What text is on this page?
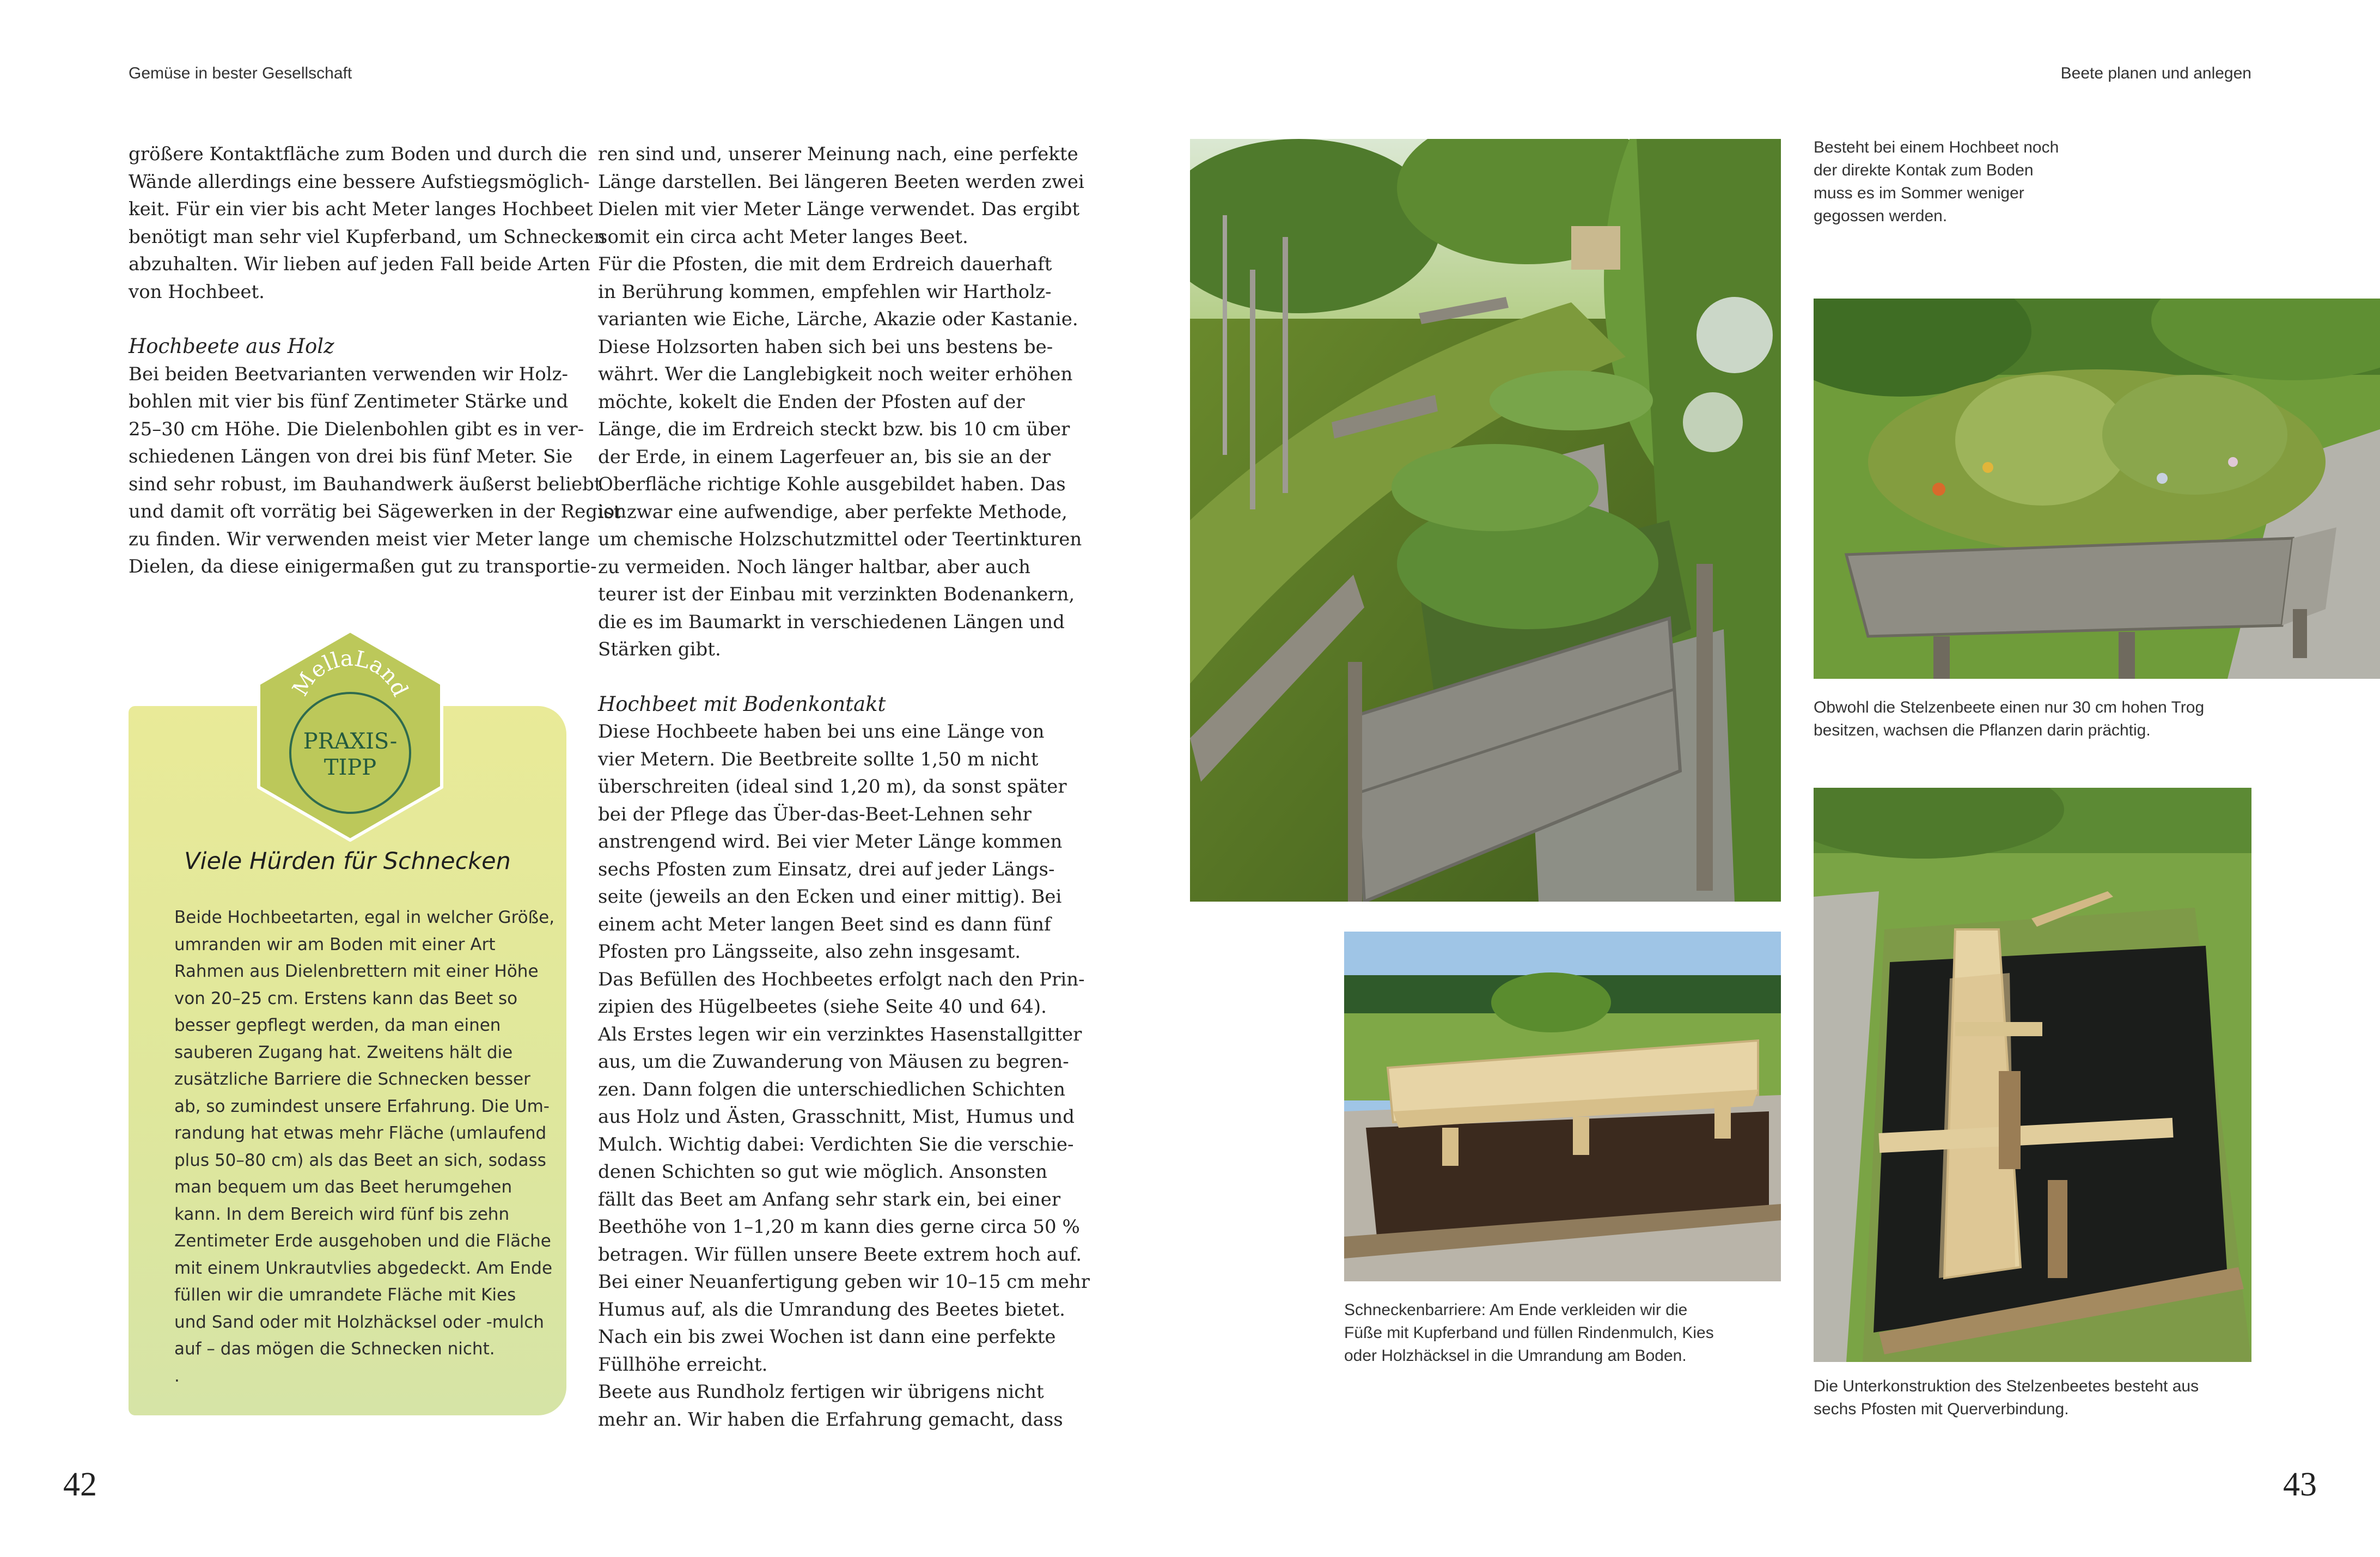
Gemüse in bester Gesellschaft	Beete planen und anlegen

größere Kontaktfläche zum Boden und durch die
Wände allerdings eine bessere Aufstiegsmöglich-
keit. Für ein vier bis acht Meter langes Hochbeet
benötigt man sehr viel Kupferband, um Schnecken
abzuhalten. Wir lieben auf jeden Fall beide Arten
von Hochbeet.

Hochbeete aus Holz

Bei beiden Beetvarianten verwenden wir Holz-
bohlen mit vier bis fünf Zentimeter Stärke und
25–30 cm Höhe. Die Dielenbohlen gibt es in ver-
schiedenen Längen von drei bis fünf Meter. Sie
sind sehr robust, im Bauhandwerk äußerst beliebt
und damit oft vorrätig bei Sägewerken in der Region
zu finden. Wir verwenden meist vier Meter lange
Dielen, da diese einigermaßen gut zu transportie-

MellaLand
PRAXIS-
TIPP
Viele Hürden für Schnecken
Beide Hochbeetarten, egal in welcher Größe,
umranden wir am Boden mit einer Art
Rahmen aus Dielenbrettern mit einer Höhe
von 20–25 cm. Erstens kann das Beet so
besser gepflegt werden, da man einen
sauberen Zugang hat. Zweitens hält die
zusätzliche Barriere die Schnecken besser
ab, so zumindest unsere Erfahrung. Die Um-
randung hat etwas mehr Fläche (umlaufend
plus 50–80 cm) als das Beet an sich, sodass
man bequem um das Beet herumgehen
kann. In dem Bereich wird fünf bis zehn
Zentimeter Erde ausgehoben und die Fläche
mit einem Unkrautvlies abgedeckt. Am Ende
füllen wir die umrandete Fläche mit Kies
und Sand oder mit Holzhäcksel oder -mulch
auf – das mögen die Schnecken nicht.
.

ren sind und, unserer Meinung nach, eine perfekte
Länge darstellen. Bei längeren Beeten werden zwei
Dielen mit vier Meter Länge verwendet. Das ergibt
somit ein circa acht Meter langes Beet.
Für die Pfosten, die mit dem Erdreich dauerhaft
in Berührung kommen, empfehlen wir Hartholz-
varianten wie Eiche, Lärche, Akazie oder Kastanie.
Diese Holzsorten haben sich bei uns bestens be-
währt. Wer die Langlebigkeit noch weiter erhöhen
möchte, kokelt die Enden der Pfosten auf der
Länge, die im Erdreich steckt bzw. bis 10 cm über
der Erde, in einem Lagerfeuer an, bis sie an der
Oberfläche richtige Kohle ausgebildet haben. Das
ist zwar eine aufwendige, aber perfekte Methode,
um chemische Holzschutzmittel oder Teertinkturen
zu vermeiden. Noch länger haltbar, aber auch
teurer ist der Einbau mit verzinkten Bodenankern,
die es im Baumarkt in verschiedenen Längen und
Stärken gibt.

Hochbeet mit Bodenkontakt

Diese Hochbeete haben bei uns eine Länge von
vier Metern. Die Beetbreite sollte 1,50 m nicht
überschreiten (ideal sind 1,20 m), da sonst später
bei der Pflege das Über-das-Beet-Lehnen sehr
anstrengend wird. Bei vier Meter Länge kommen
sechs Pfosten zum Einsatz, drei auf jeder Längs-
seite (jeweils an den Ecken und einer mittig). Bei
einem acht Meter langen Beet sind es dann fünf
Pfosten pro Längsseite, also zehn insgesamt.
Das Befüllen des Hochbeetes erfolgt nach den Prin-
zipien des Hügelbeetes (siehe Seite 40 und 64).
Als Erstes legen wir ein verzinktes Hasenstallgitter
aus, um die Zuwanderung von Mäusen zu begren-
zen. Dann folgen die unterschiedlichen Schichten
aus Holz und Ästen, Grasschnitt, Mist, Humus und
Mulch. Wichtig dabei: Verdichten Sie die verschie-
denen Schichten so gut wie möglich. Ansonsten
fällt das Beet am Anfang sehr stark ein, bei einer
Beethöhe von 1–1,20 m kann dies gerne circa 50 %
betragen. Wir füllen unsere Beete extrem hoch auf.
Bei einer Neuanfertigung geben wir 10–15 cm mehr
Humus auf, als die Umrandung des Beetes bietet.
Nach ein bis zwei Wochen ist dann eine perfekte
Füllhöhe erreicht.
Beete aus Rundholz fertigen wir übrigens nicht
mehr an. Wir haben die Erfahrung gemacht, dass

42	43
Besteht bei einem Hochbeet noch
der direkte Kontak zum Boden
muss es im Sommer weniger
gegossen werden.
Obwohl die Stelzenbeete einen nur 30 cm hohen Trog
besitzen, wachsen die Pflanzen darin prächtig.
Schneckenbarriere: Am Ende verkleiden wir die
Füße mit Kupferband und füllen Rindenmulch, Kies
oder Holzhäcksel in die Umrandung am Boden.
Die Unterkonstruktion des Stelzenbeetes besteht aus
sechs Pfosten mit Querverbindung.
